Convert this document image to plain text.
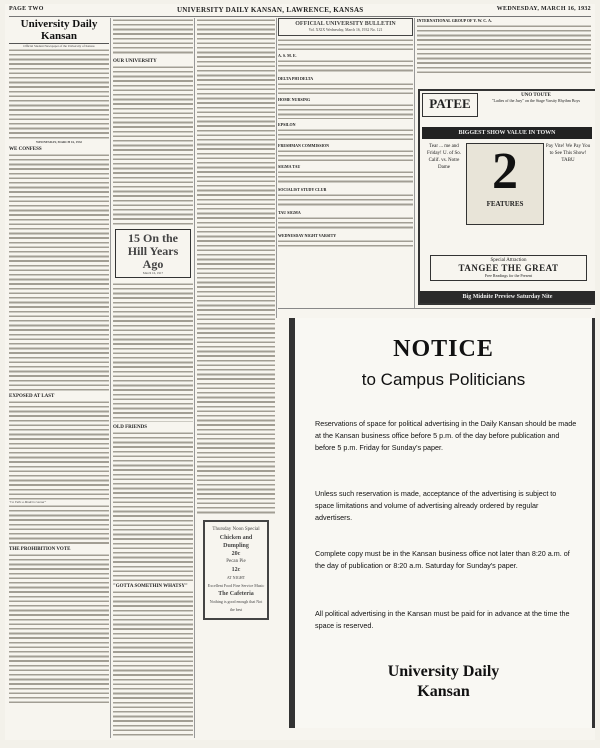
PAGE TWO	UNIVERSITY DAILY KANSAN, LAWRENCE, KANSAS	WEDNESDAY, MARCH 16, 1932
University Daily Kansan
Official Student Newspaper of the University of Kansas
WEDNESDAY, MARCH 16, 1932
WE CONFESS
EXPOSED AT LAST
"Co Falls a Modern Caesar"
THE PROHIBITION VOTE
OUR UNIVERSITY
15 On the Hill Years Ago
March 16, 1917
OLD FRIENDS
"GOTTA SOMETHIN WHATSY"
Thursday Noon Special
Chicken and Dumpling
20c
Pecan Pie
12c
AT NIGHT
Excellent Food Fine Service Music
The Cafeteria
Nothing is good enough that Not the best
OFFICIAL UNIVERSITY BULLETIN
Vol. XXIX Wednesday, March 16, 1932 No. 121
A. S. M. E.
DELTA PHI DELTA
HOME NURSING
EPSILON
FRESHMAN COMMISSION
SIGMA TAU
SOCIALIST STUDY CLUB
TAU SIGMA
WEDNESDAY NIGHT VARSITY
INTERNATIONAL GROUP OF Y. W. C. A.
PATEE
UNO TOUTE
"Ladies of the Jury" on the Stage Varsity Rhythm Boys
BIGGEST SHOW VALUE IN TOWN
Tear ... me and Friday! U. of So. Calif. vs. Notre Dame 2
FEATURES
Pay Vite! We Pay You to See This Show! TABU
Special Attraction
TANGEE THE GREAT
Free Readings for the Present
Big Midnite Preview Saturday Nite
NOTICE
to Campus Politicians
Reservations of space for political advertising in the Daily Kansan should be made at the Kansan business office before 5 p.m. of the day before publication and before 5 p.m. Friday for Sunday's paper.
Unless such reservation is made, acceptance of the advertising is subject to space limitations and volume of advertising already ordered by regular advertisers.
Complete copy must be in the Kansan business office not later than 8:20 a.m. of the day of publication or 8:20 a.m. Saturday for Sunday's paper.
All political advertising in the Kansan must be paid for in advance at the time the space is reserved.
University Daily
Kansan
